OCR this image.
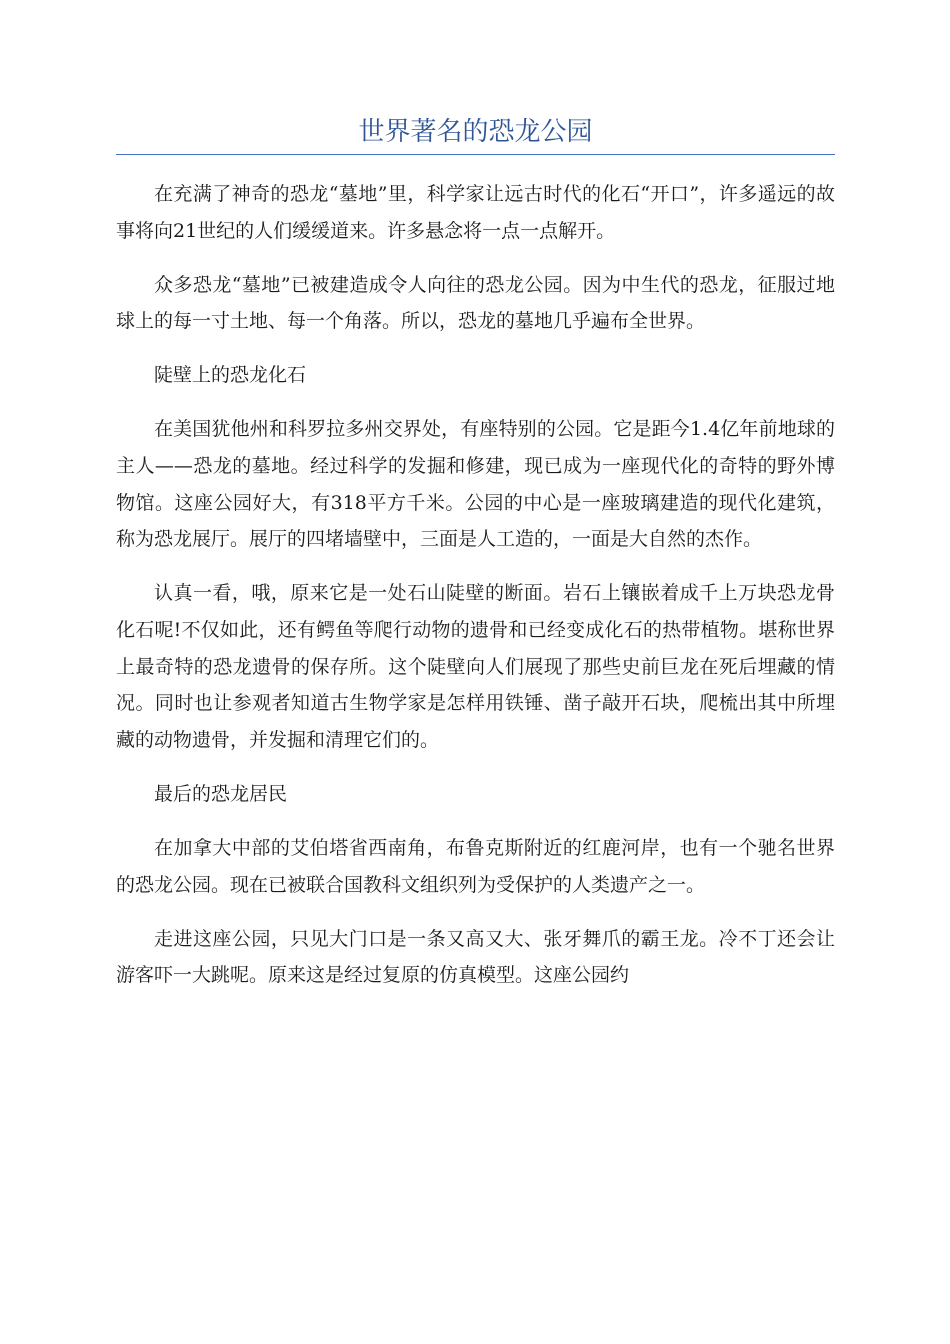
世界著名的恐龙公园

在充满了神奇的恐龙“墓地”里，科学家让远古时代的化石“开口”，许多遥远的故事将向21世纪的人们缓缓道来。许多悬念将一点一点解开。

众多恐龙“墓地”已被建造成令人向往的恐龙公园。因为中生代的恐龙，征服过地球上的每一寸土地、每一个角落。所以，恐龙的墓地几乎遍布全世界。

陡壁上的恐龙化石

在美国犹他州和科罗拉多州交界处，有座特别的公园。它是距今1.4亿年前地球的主人——恐龙的墓地。经过科学的发掘和修建，现已成为一座现代化的奇特的野外博物馆。这座公园好大，有318平方千米。公园的中心是一座玻璃建造的现代化建筑，称为恐龙展厅。展厅的四堵墙壁中，三面是人工造的，一面是大自然的杰作。

认真一看，哦，原来它是一处石山陡壁的断面。岩石上镶嵌着成千上万块恐龙骨化石呢!不仅如此，还有鳄鱼等爬行动物的遗骨和已经变成化石的热带植物。堪称世界上最奇特的恐龙遗骨的保存所。这个陡壁向人们展现了那些史前巨龙在死后埋藏的情况。同时也让参观者知道古生物学家是怎样用铁锤、凿子敲开石块，爬梳出其中所埋藏的动物遗骨，并发掘和清理它们的。

最后的恐龙居民

在加拿大中部的艾伯塔省西南角，布鲁克斯附近的红鹿河岸，也有一个驰名世界的恐龙公园。现在已被联合国教科文组织列为受保护的人类遗产之一。

走进这座公园，只见大门口是一条又高又大、张牙舞爪的霸王龙。冷不丁还会让游客吓一大跳呢。原来这是经过复原的仿真模型。这座公园约
